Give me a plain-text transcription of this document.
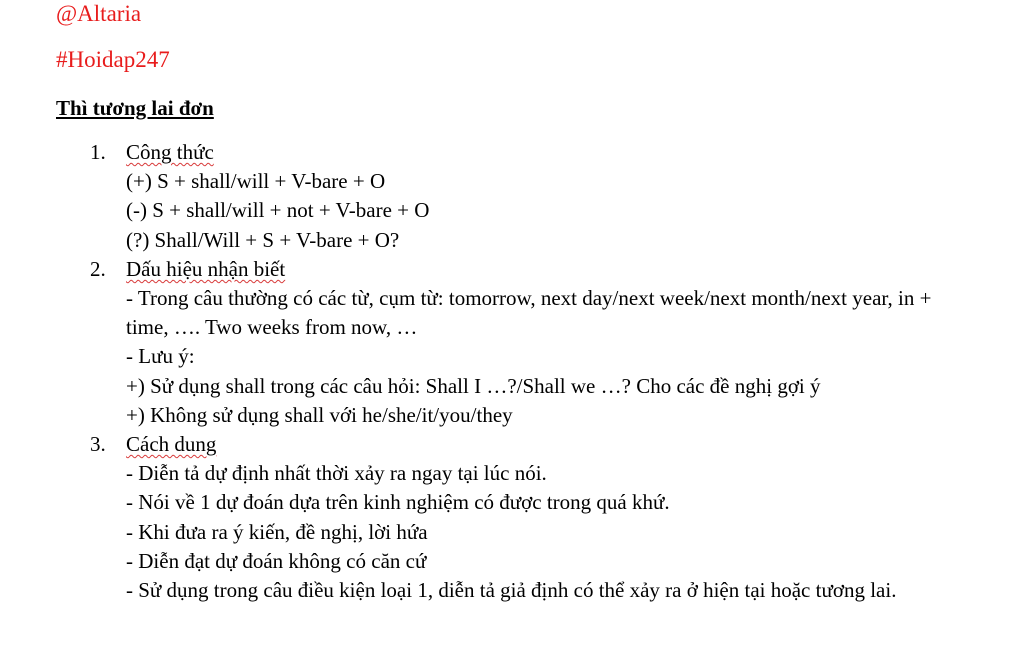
@Altaria
#Hoidap247
Thì tương lai đơn
1. Công thức
(+) S + shall/will + V-bare + O
(-) S + shall/will + not + V-bare + O
(?) Shall/Will + S + V-bare + O?
2. Dấu hiệu nhận biết
- Trong câu thường có các từ, cụm từ: tomorrow, next day/next week/next month/next year, in + time, …. Two weeks from now, …
- Lưu ý:
+) Sử dụng shall trong các câu hỏi: Shall I …?/Shall we …? Cho các đề nghị gợi ý
+) Không sử dụng shall với he/she/it/you/they
3. Cách dung
- Diễn tả dự định nhất thời xảy ra ngay tại lúc nói.
- Nói về 1 dự đoán dựa trên kinh nghiệm có được trong quá khứ.
- Khi đưa ra ý kiến, đề nghị, lời hứa
- Diễn đạt dự đoán không có căn cứ
- Sử dụng trong câu điều kiện loại 1, diễn tả giả định có thể xảy ra ở hiện tại hoặc tương lai.
